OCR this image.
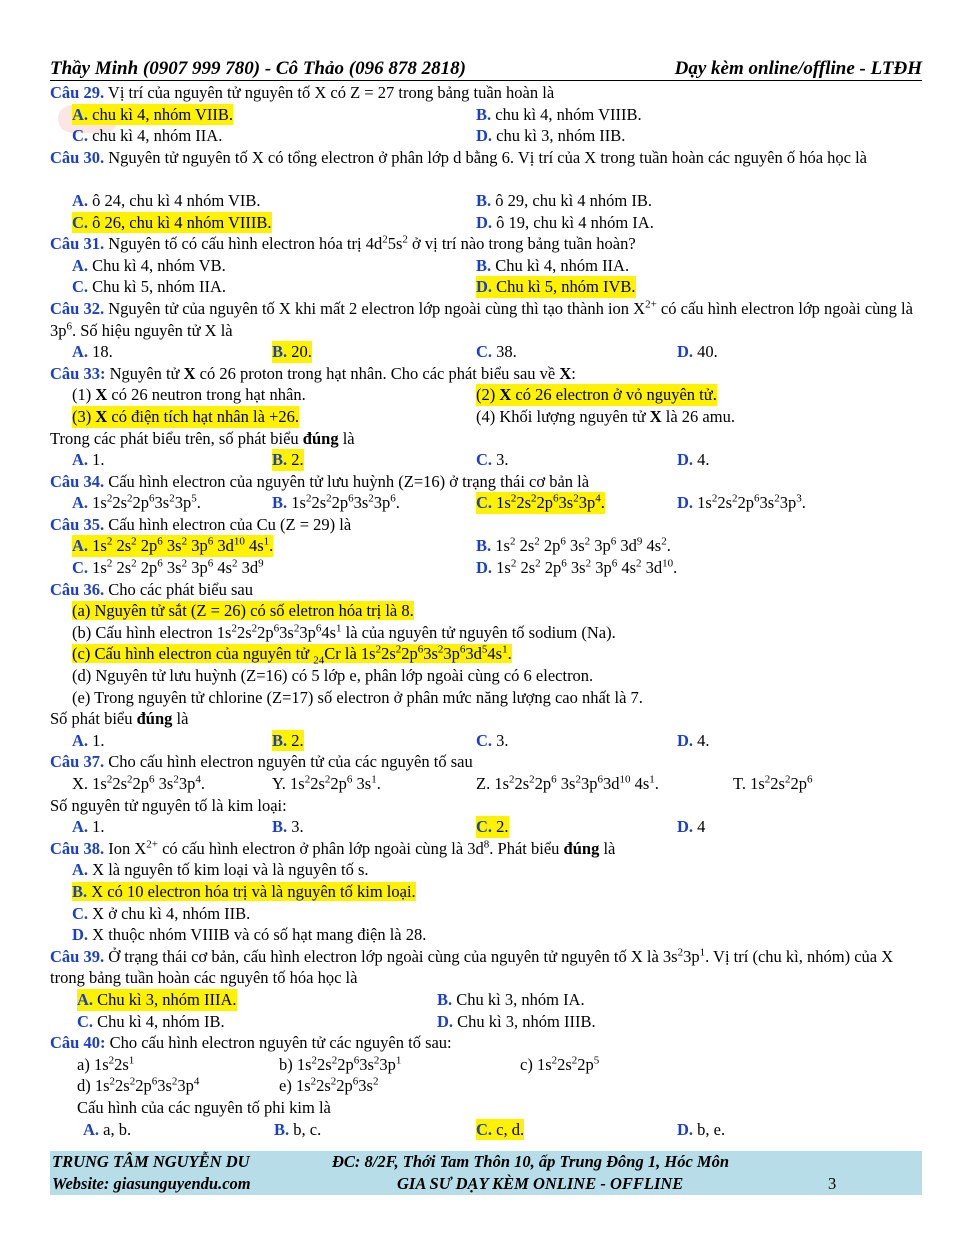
Thầy Minh (0907 999 780) - Cô Thảo (096 878 2818)	Dạy kèm online/offline - LTĐH
Câu 29. Vị trí của nguyên tử nguyên tố X có Z = 27 trong bảng tuần hoàn là
A. chu kì 4, nhóm VIIB.	B. chu kì 4, nhóm VIIIB.
C. chu kì 4, nhóm IIA.	D. chu kì 3, nhóm IIB.
Câu 30. Nguyên tử nguyên tố X có tổng electron ở phân lớp d bằng 6. Vị trí của X trong tuần hoàn các nguyên ố hóa học là
A. ô 24, chu kì 4 nhóm VIB.	B. ô 29, chu kì 4 nhóm IB.
C. ô 26, chu kì 4 nhóm VIIIB.	D. ô 19, chu kì 4 nhóm IA.
Câu 31. Nguyên tố có cấu hình electron hóa trị $4d^25s^2$ ở vị trí nào trong bảng tuần hoàn?
A. Chu kì 4, nhóm VB.	B. Chu kì 4, nhóm IIA.
C. Chu kì 5, nhóm IIA.	D. Chu kì 5, nhóm IVB.
Câu 32. Nguyên tử của nguyên tố X khi mất 2 electron lớp ngoài cùng thì tạo thành ion $X^{2+}$ có cấu hình electron lớp ngoài cùng là $3p^6$. Số hiệu nguyên tử X là
A. 18.	B. 20.	C. 38.	D. 40.
Câu 33: Nguyên tử X có 26 proton trong hạt nhân. Cho các phát biểu sau về X:
(1) X có 26 neutron trong hạt nhân.	(2) X có 26 electron ở vỏ nguyên tử.
(3) X có điện tích hạt nhân là +26.	(4) Khối lượng nguyên tử X là 26 amu.
Trong các phát biểu trên, số phát biểu đúng là
A. 1.	B. 2.	C. 3.	D. 4.
Câu 34. Cấu hình electron của nguyên tử lưu huỳnh (Z=16) ở trạng thái cơ bản là
A. $1s^22s^22p^63s^23p^5$.	B. $1s^22s^22p^63s^23p^6$.	C. $1s^22s^22p^63s^23p^4$.	D. $1s^22s^22p^63s^23p^3$.
Câu 35. Cấu hình electron của Cu (Z = 29) là
A. $1s^2$ $2s^2$ $2p^6$ $3s^2$ $3p^6$ $3d^{10}$ $4s^1$.	B. $1s^2$ $2s^2$ $2p^6$ $3s^2$ $3p^6$ $3d^9$ $4s^2$.
C. $1s^2$ $2s^2$ $2p^6$ $3s^2$ $3p^6$ $4s^2$ $3d^9$	D. $1s^2$ $2s^2$ $2p^6$ $3s^2$ $3p^6$ $4s^2$ $3d^{10}$.
Câu 36. Cho các phát biểu sau
(a) Nguyên tử sắt (Z = 26) có số eletron hóa trị là 8.
(b) Cấu hình electron $1s^22s^22p^63s^23p^64s^1$ là của nguyên tử nguyên tố sodium (Na).
(c) Cấu hình electron của nguyên tử $_{24}$Cr là $1s^22s^22p^63s^23p^63d^54s^1$.
(d) Nguyên tử lưu huỳnh (Z=16) có 5 lớp e, phân lớp ngoài cùng có 6 electron.
(e) Trong nguyên tử chlorine (Z=17) số electron ở phân mức năng lượng cao nhất là 7.
Số phát biểu đúng là
A. 1.	B. 2.	C. 3.	D. 4.
Câu 37. Cho cấu hình electron nguyên tử của các nguyên tố sau
X. $1s^22s^22p^6$ $3s^23p^4$.	Y. $1s^22s^22p^6$ $3s^1$.	Z. $1s^22s^22p^6$ $3s^23p^63d^{10}$ $4s^1$.	T. $1s^22s^22p^6$
Số nguyên tử nguyên tố là kim loại:
A. 1.	B. 3.	C. 2.	D. 4
Câu 38. Ion $X^{2+}$ có cấu hình electron ở phân lớp ngoài cùng là $3d^8$. Phát biểu đúng là
A. X là nguyên tố kim loại và là nguyên tố s.
B. X có 10 electron hóa trị và là nguyên tố kim loại.
C. X ở chu kì 4, nhóm IIB.
D. X thuộc nhóm VIIIB và có số hạt mang điện là 28.
Câu 39. Ở trạng thái cơ bản, cấu hình electron lớp ngoài cùng của nguyên tử nguyên tố X là $3s^23p^1$. Vị trí (chu kì, nhóm) của X trong bảng tuần hoàn các nguyên tố hóa học là
A. Chu kì 3, nhóm IIIA.	B. Chu kì 3, nhóm IA.
C. Chu kì 4, nhóm IB.	D. Chu kì 3, nhóm IIIB.
Câu 40: Cho cấu hình electron nguyên tử các nguyên tố sau:
a) $1s^22s^1$	b) $1s^22s^22p^63s^23p^1$	c) $1s^22s^22p^5$
d) $1s^22s^22p^63s^23p^4$	e) $1s^22s^22p^63s^2$
Cấu hình của các nguyên tố phi kim là
A. a, b.	B. b, c.	C. c, d.	D. b, e.
TRUNG TÂM NGUYỄN DU	ĐC: 8/2F, Thới Tam Thôn 10, ấp Trung Đông 1, Hóc Môn
Website: giasunguyendu.com	GIA SƯ DẠY KÈM ONLINE - OFFLINE	3
